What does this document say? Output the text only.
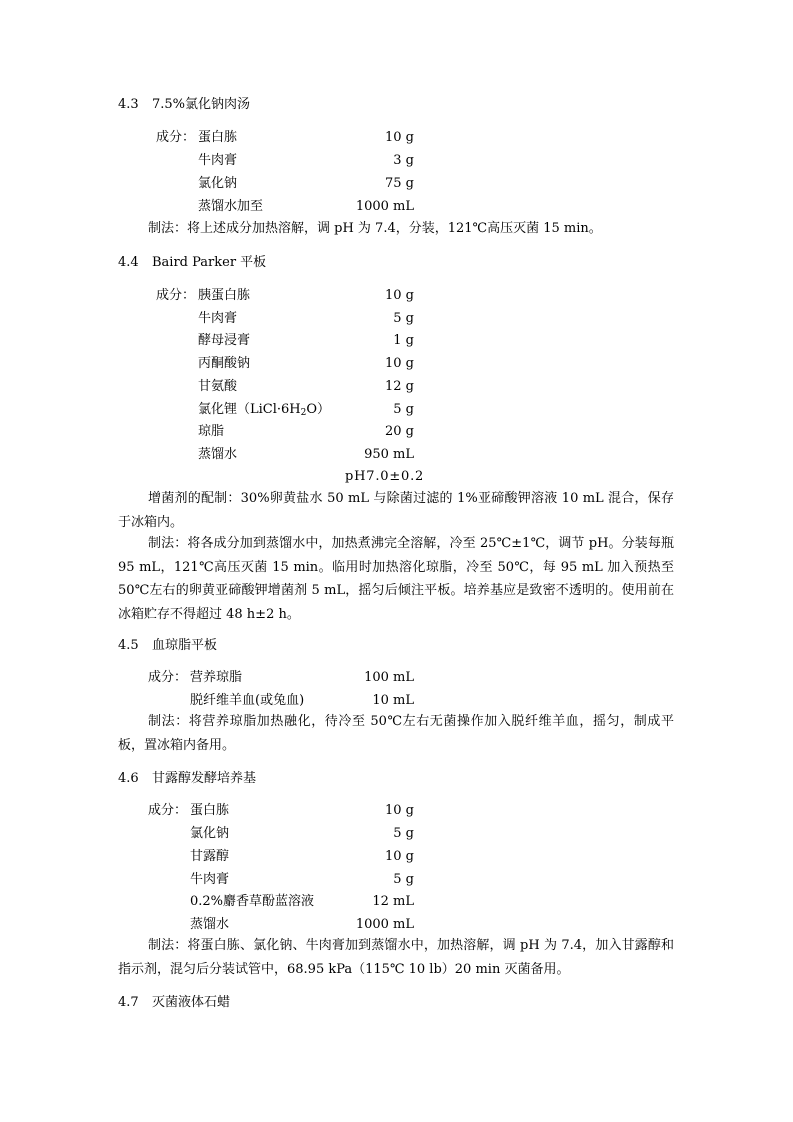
4.3 7.5%氯化钠肉汤
成分： 蛋白胨	10 g
牛肉膏	3 g
氯化钠	75 g
蒸馏水加至	1000 mL
制法：将上述成分加热溶解，调 pH 为 7.4，分装，121℃高压灭菌 15 min。
4.4 Baird Parker 平板
成分： 胰蛋白胨	10 g
牛肉膏	5 g
酵母浸膏	1 g
丙酮酸钠	10 g
甘氨酸	12 g
氯化锂$(LiCl\cdot 6H_2O)$	5 g
琼脂	20 g
蒸馏水	950 mL
pH7.0±0.2
增菌剂的配制：30%卵黄盐水 50 mL 与除菌过滤的 1%亚碲酸钾溶液 10 mL 混合，保存于冰箱内。
制法：将各成分加到蒸馏水中，加热煮沸完全溶解，冷至 25℃±1℃，调节 pH。分装每瓶 95 mL，121℃高压灭菌 15 min。临用时加热溶化琼脂，冷至 50℃，每 95 mL 加入预热至 50℃左右的卵黄亚碲酸钾增菌剂 5 mL，摇匀后倾注平板。培养基应是致密不透明的。使用前在冰箱贮存不得超过 48 h±2 h。
4.5 血琼脂平板
成分： 营养琼脂	100 mL
脱纤维羊血(或兔血)	10 mL
制法：将营养琼脂加热融化，待冷至 50℃左右无菌操作加入脱纤维羊血，摇匀，制成平板，置冰箱内备用。
4.6 甘露醇发酵培养基
成分： 蛋白胨	10 g
氯化钠	5 g
甘露醇	10 g
牛肉膏	5 g
0.2%麝香草酚蓝溶液	12 mL
蒸馏水	1000 mL
制法：将蛋白胨、氯化钠、牛肉膏加到蒸馏水中，加热溶解，调 pH 为 7.4，加入甘露醇和指示剂，混匀后分装试管中，68.95 kPa（115℃ 10 lb）20 min 灭菌备用。
4.7 灭菌液体石蜡
